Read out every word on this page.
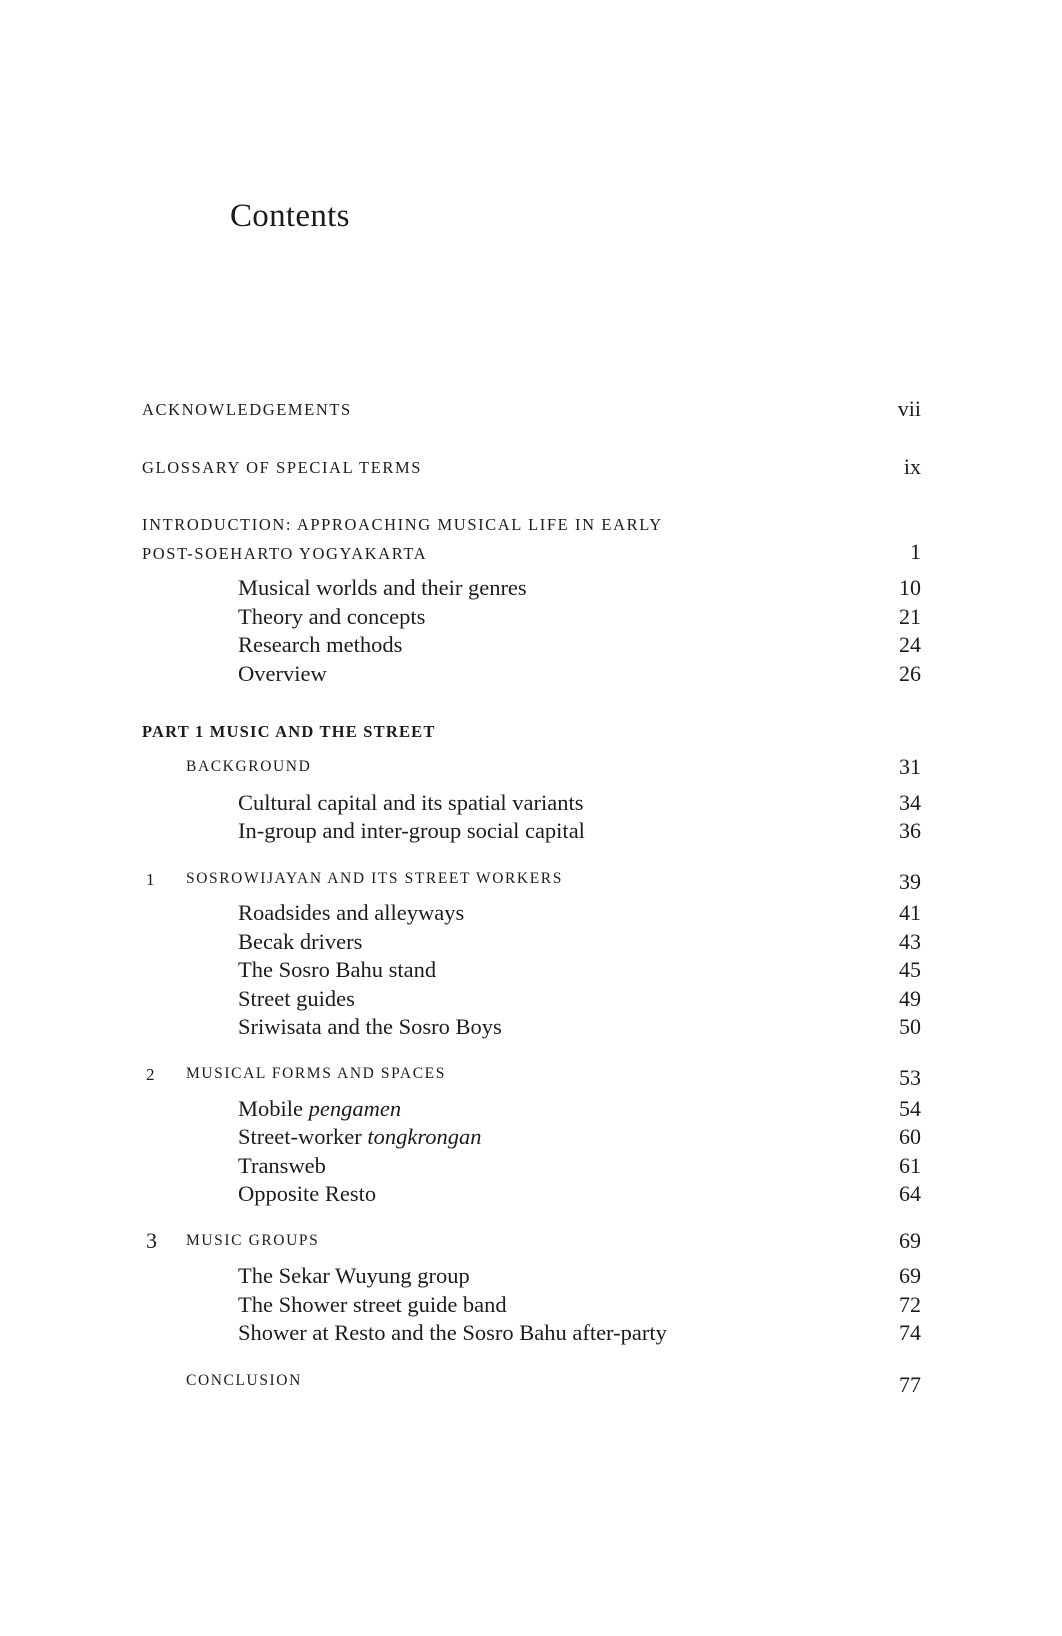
Contents
ACKNOWLEDGEMENTS	vii
GLOSSARY OF SPECIAL TERMS	ix
INTRODUCTION: APPROACHING MUSICAL LIFE IN EARLY
POST-SOEHARTO YOGYAKARTA	1
Musical worlds and their genres	10
Theory and concepts	21
Research methods	24
Overview	26
PART 1 MUSIC AND THE STREET
BACKGROUND	31
Cultural capital and its spatial variants	34
In-group and inter-group social capital	36
1 SOSROWIJAYAN AND ITS STREET WORKERS	39
Roadsides and alleyways	41
Becak drivers	43
The Sosro Bahu stand	45
Street guides	49
Sriwisata and the Sosro Boys	50
2 MUSICAL FORMS AND SPACES	53
Mobile pengamen	54
Street-worker tongkrongan	60
Transweb	61
Opposite Resto	64
3 MUSIC GROUPS	69
The Sekar Wuyung group	69
The Shower street guide band	72
Shower at Resto and the Sosro Bahu after-party	74
CONCLUSION	77
